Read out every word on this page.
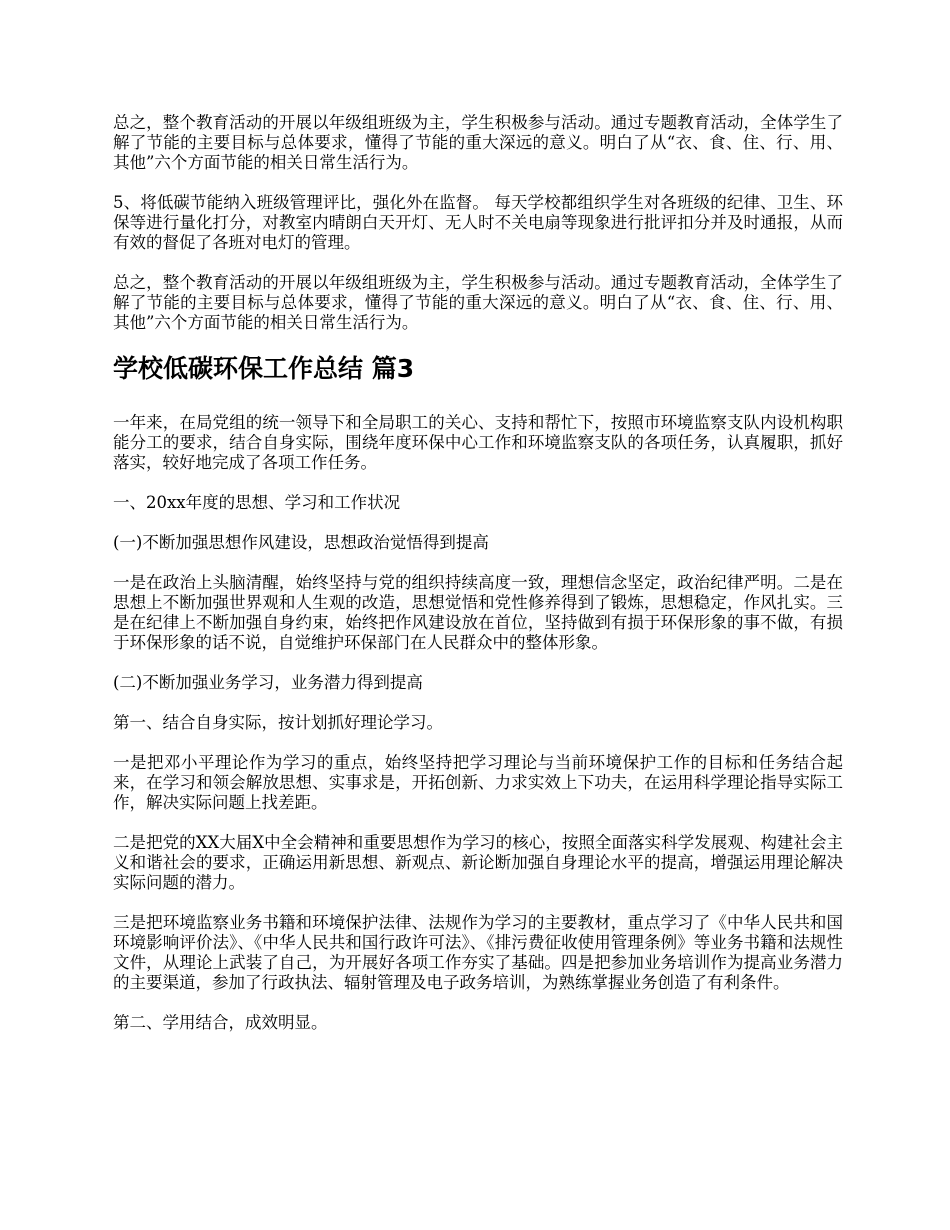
总之，整个教育活动的开展以年级组班级为主，学生积极参与活动。通过专题教育活动，全体学生了解了节能的主要目标与总体要求，懂得了节能的重大深远的意义。明白了从“衣、食、住、行、用、其他”六个方面节能的相关日常生活行为。

5、将低碳节能纳入班级管理评比，强化外在监督。 每天学校都组织学生对各班级的纪律、卫生、环保等进行量化打分，对教室内晴朗白天开灯、无人时不关电扇等现象进行批评扣分并及时通报，从而有效的督促了各班对电灯的管理。

总之，整个教育活动的开展以年级组班级为主，学生积极参与活动。通过专题教育活动，全体学生了解了节能的主要目标与总体要求，懂得了节能的重大深远的意义。明白了从“衣、食、住、行、用、其他”六个方面节能的相关日常生活行为。

学校低碳环保工作总结 篇3

一年来，在局党组的统一领导下和全局职工的关心、支持和帮忙下，按照市环境监察支队内设机构职能分工的要求，结合自身实际，围绕年度环保中心工作和环境监察支队的各项任务，认真履职，抓好落实，较好地完成了各项工作任务。

一、20xx年度的思想、学习和工作状况

(一)不断加强思想作风建设，思想政治觉悟得到提高

一是在政治上头脑清醒，始终坚持与党的组织持续高度一致，理想信念坚定，政治纪律严明。二是在思想上不断加强世界观和人生观的改造，思想觉悟和党性修养得到了锻炼，思想稳定，作风扎实。三是在纪律上不断加强自身约束，始终把作风建设放在首位，坚持做到有损于环保形象的事不做，有损于环保形象的话不说，自觉维护环保部门在人民群众中的整体形象。

(二)不断加强业务学习，业务潜力得到提高

第一、结合自身实际，按计划抓好理论学习。

一是把邓小平理论作为学习的重点，始终坚持把学习理论与当前环境保护工作的目标和任务结合起来，在学习和领会解放思想、实事求是，开拓创新、力求实效上下功夫，在运用科学理论指导实际工作，解决实际问题上找差距。

二是把党的XX大届X中全会精神和重要思想作为学习的核心，按照全面落实科学发展观、构建社会主义和谐社会的要求，正确运用新思想、新观点、新论断加强自身理论水平的提高，增强运用理论解决实际问题的潜力。

三是把环境监察业务书籍和环境保护法律、法规作为学习的主要教材，重点学习了《中华人民共和国环境影响评价法》、《中华人民共和国行政许可法》、《排污费征收使用管理条例》等业务书籍和法规性文件，从理论上武装了自己，为开展好各项工作夯实了基础。四是把参加业务培训作为提高业务潜力的主要渠道，参加了行政执法、辐射管理及电子政务培训，为熟练掌握业务创造了有利条件。

第二、学用结合，成效明显。
